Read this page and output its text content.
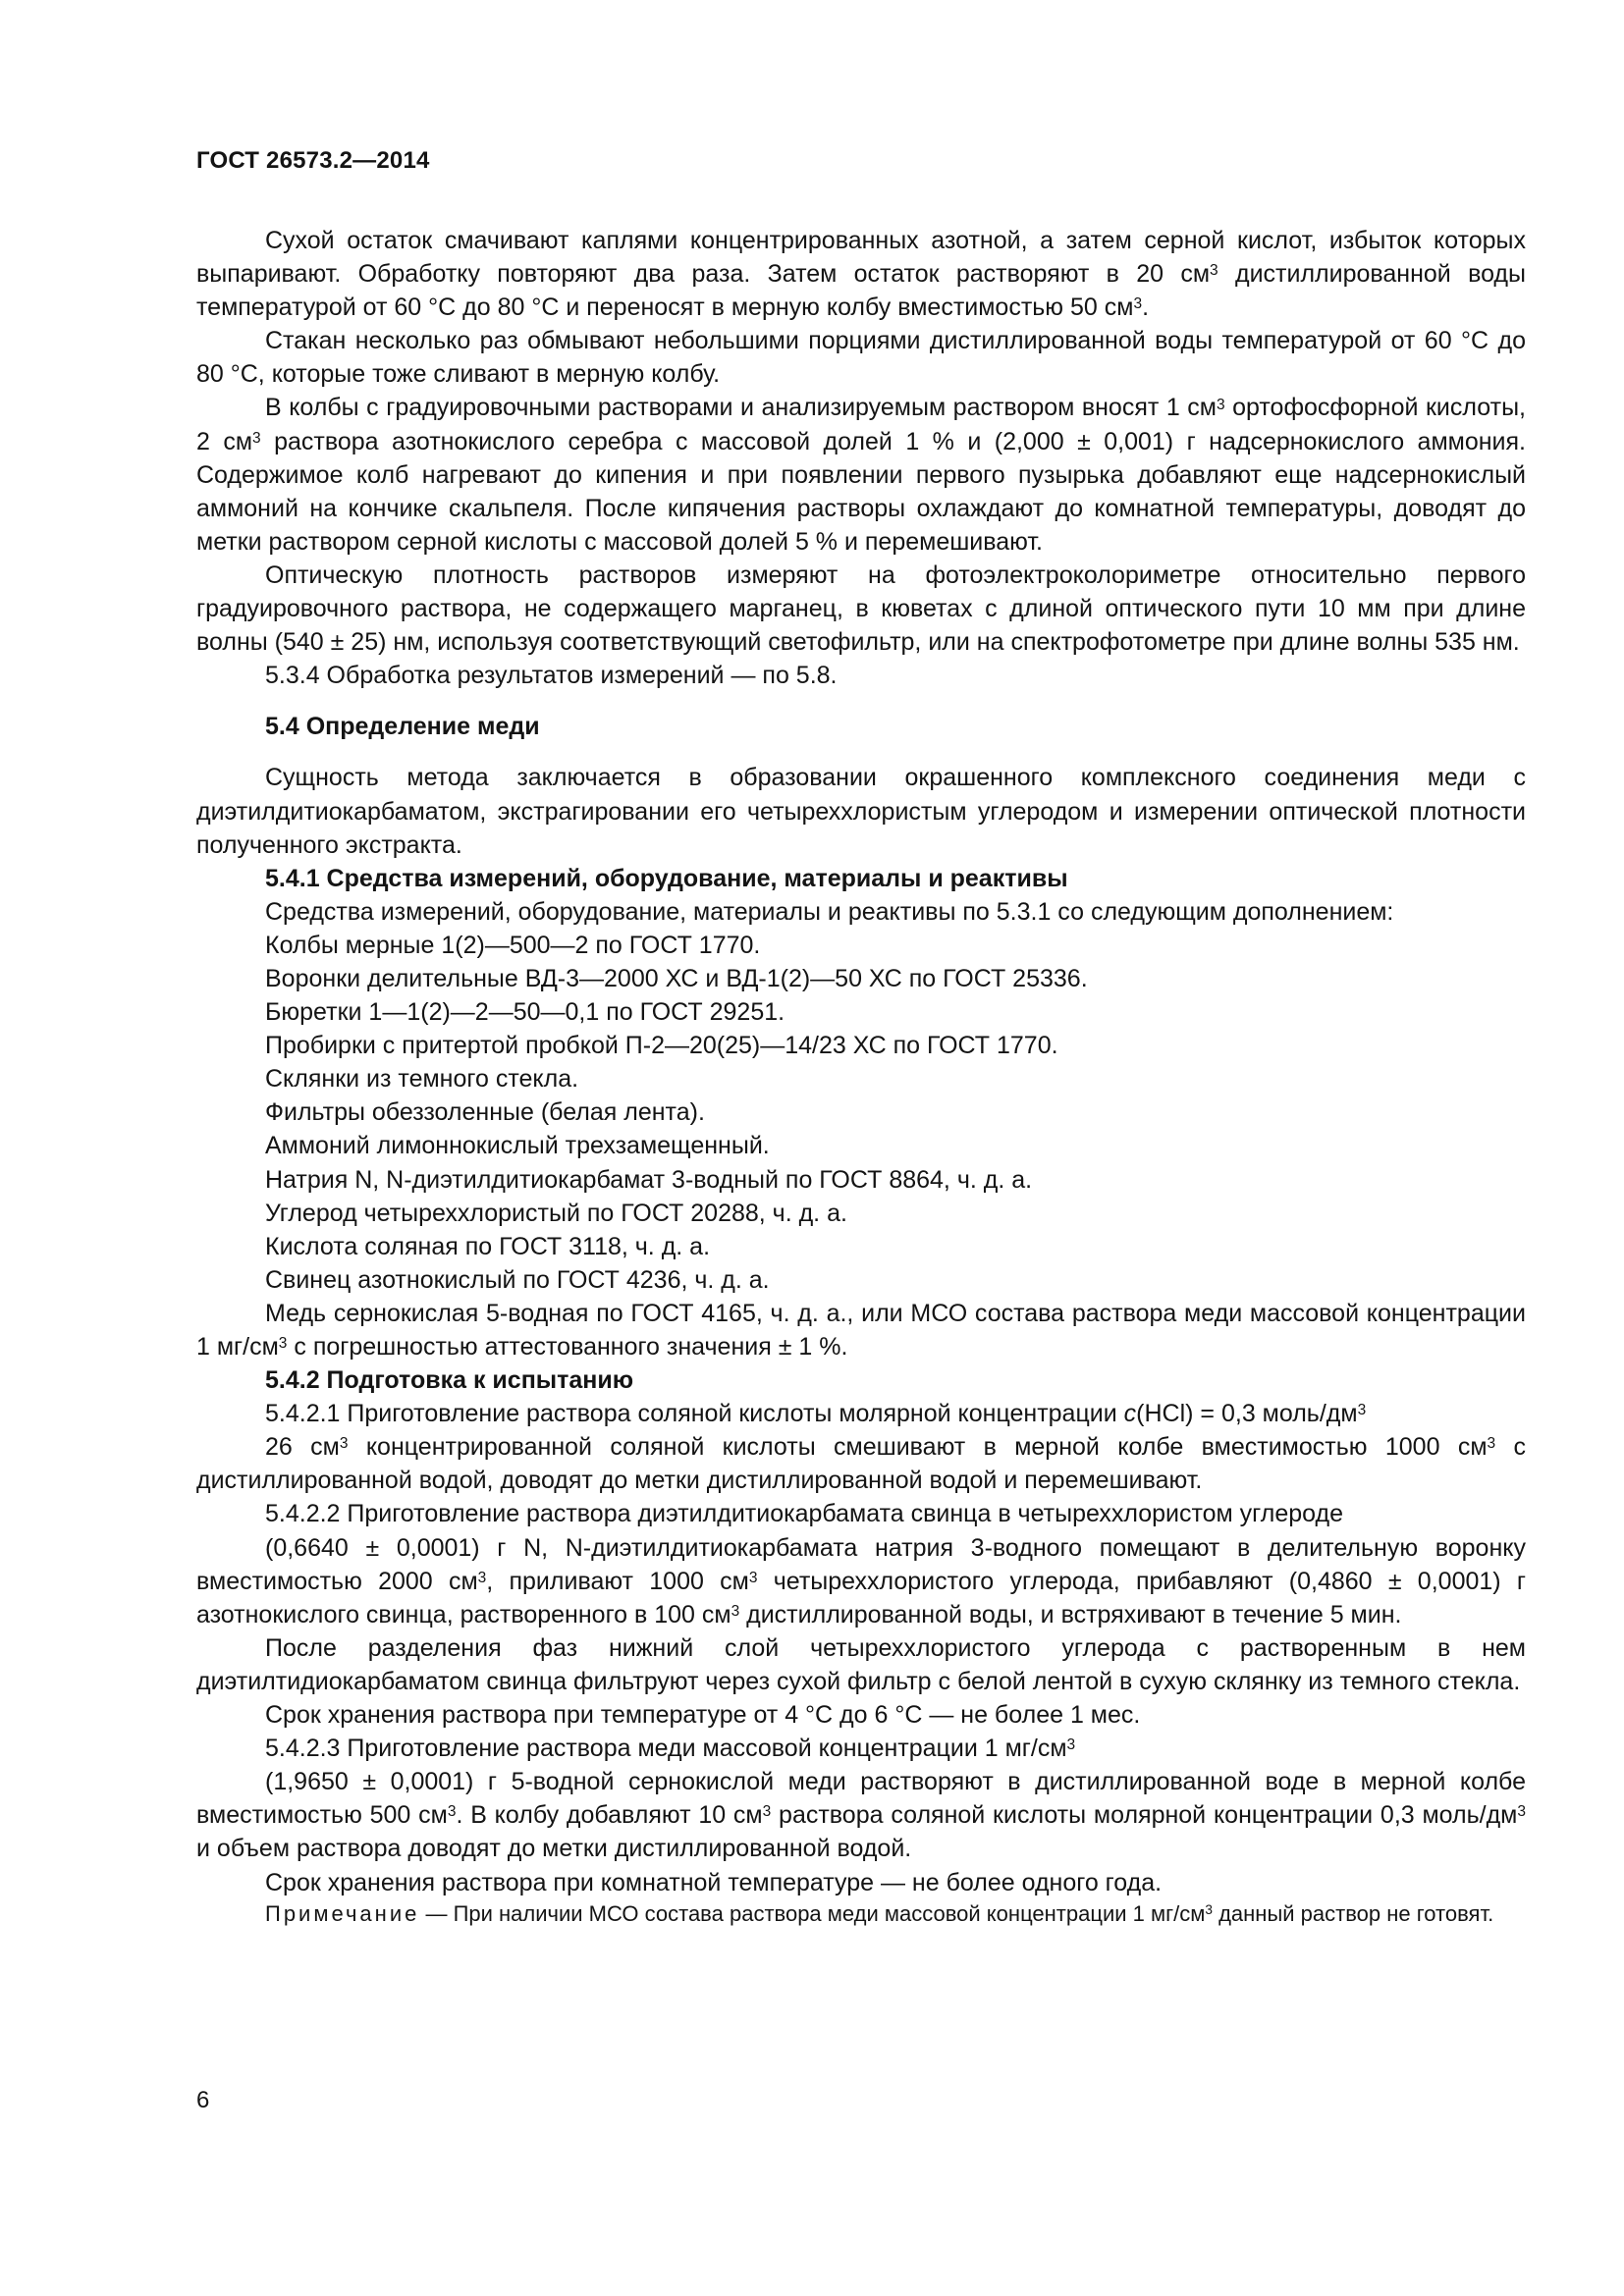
ГОСТ 26573.2—2014

Сухой остаток смачивают каплями концентрированных азотной, а затем серной кислот, избыток которых выпаривают. Обработку повторяют два раза. Затем остаток растворяют в 20 $см^3$ дистиллированной воды температурой от 60 °С до 80 °С и переносят в мерную колбу вместимостью 50 $см^3$.

Стакан несколько раз обмывают небольшими порциями дистиллированной воды температурой от 60 °С до 80 °С, которые тоже сливают в мерную колбу.

В колбы с градуировочными растворами и анализируемым раствором вносят 1 $см^3$ ортофосфорной кислоты, 2 $см^3$ раствора азотнокислого серебра с массовой долей 1 % и (2,000 ± 0,001) г надсернокислого аммония. Содержимое колб нагревают до кипения и при появлении первого пузырька добавляют еще надсернокислый аммоний на кончике скальпеля. После кипячения растворы охлаждают до комнатной температуры, доводят до метки раствором серной кислоты с массовой долей 5 % и перемешивают.

Оптическую плотность растворов измеряют на фотоэлектроколориметре относительно первого градуировочного раствора, не содержащего марганец, в кюветах с длиной оптического пути 10 мм при длине волны (540 ± 25) нм, используя соответствующий светофильтр, или на спектрофотометре при длине волны 535 нм.

5.3.4 Обработка результатов измерений — по 5.8.

5.4 Определение меди

Сущность метода заключается в образовании окрашенного комплексного соединения меди с диэтилдитиокарбаматом, экстрагировании его четыреххлористым углеродом и измерении оптической плотности полученного экстракта.

5.4.1 Средства измерений, оборудование, материалы и реактивы

Средства измерений, оборудование, материалы и реактивы по 5.3.1 со следующим дополнением:

Колбы мерные 1(2)—500—2 по ГОСТ 1770.

Воронки делительные ВД-3—2000 ХС и ВД-1(2)—50 ХС по ГОСТ 25336.

Бюретки 1—1(2)—2—50—0,1 по ГОСТ 29251.

Пробирки с притертой пробкой П-2—20(25)—14/23 ХС по ГОСТ 1770.

Склянки из темного стекла.

Фильтры обеззоленные (белая лента).

Аммоний лимоннокислый трехзамещенный.

Натрия N, N-диэтилдитиокарбамат 3-водный по ГОСТ 8864, ч. д. а.

Углерод четыреххлористый по ГОСТ 20288, ч. д. а.

Кислота соляная по ГОСТ 3118, ч. д. а.

Свинец азотнокислый по ГОСТ 4236, ч. д. а.

Медь сернокислая 5-водная по ГОСТ 4165, ч. д. а., или МСО состава раствора меди массовой концентрации 1 $мг/см^3$ с погрешностью аттестованного значения ± 1 %.

5.4.2 Подготовка к испытанию

5.4.2.1 Приготовление раствора соляной кислоты молярной концентрации c(HCl) = 0,3 моль/$дм^3$

26 $см^3$ концентрированной соляной кислоты смешивают в мерной колбе вместимостью 1000 $см^3$ с дистиллированной водой, доводят до метки дистиллированной водой и перемешивают.

5.4.2.2 Приготовление раствора диэтилдитиокарбамата свинца в четыреххлористом углероде

(0,6640 ± 0,0001) г N, N-диэтилдитиокарбамата натрия 3-водного помещают в делительную воронку вместимостью 2000 $см^3$, приливают 1000 $см^3$ четыреххлористого углерода, прибавляют (0,4860 ± 0,0001) г азотнокислого свинца, растворенного в 100 $см^3$ дистиллированной воды, и встряхивают в течение 5 мин.

После разделения фаз нижний слой четыреххлористого углерода с растворенным в нем диэтилтидиокарбаматом свинца фильтруют через сухой фильтр с белой лентой в сухую склянку из темного стекла.

Срок хранения раствора при температуре от 4 °С до 6 °С — не более 1 мес.

5.4.2.3 Приготовление раствора меди массовой концентрации 1 $мг/см^3$

(1,9650 ± 0,0001) г 5-водной сернокислой меди растворяют в дистиллированной воде в мерной колбе вместимостью 500 $см^3$. В колбу добавляют 10 $см^3$ раствора соляной кислоты молярной концентрации 0,3 моль/$дм^3$ и объем раствора доводят до метки дистиллированной водой.

Срок хранения раствора при комнатной температуре — не более одного года.

Примечание — При наличии МСО состава раствора меди массовой концентрации 1 $мг/см^3$ данный раствор не готовят.

6
